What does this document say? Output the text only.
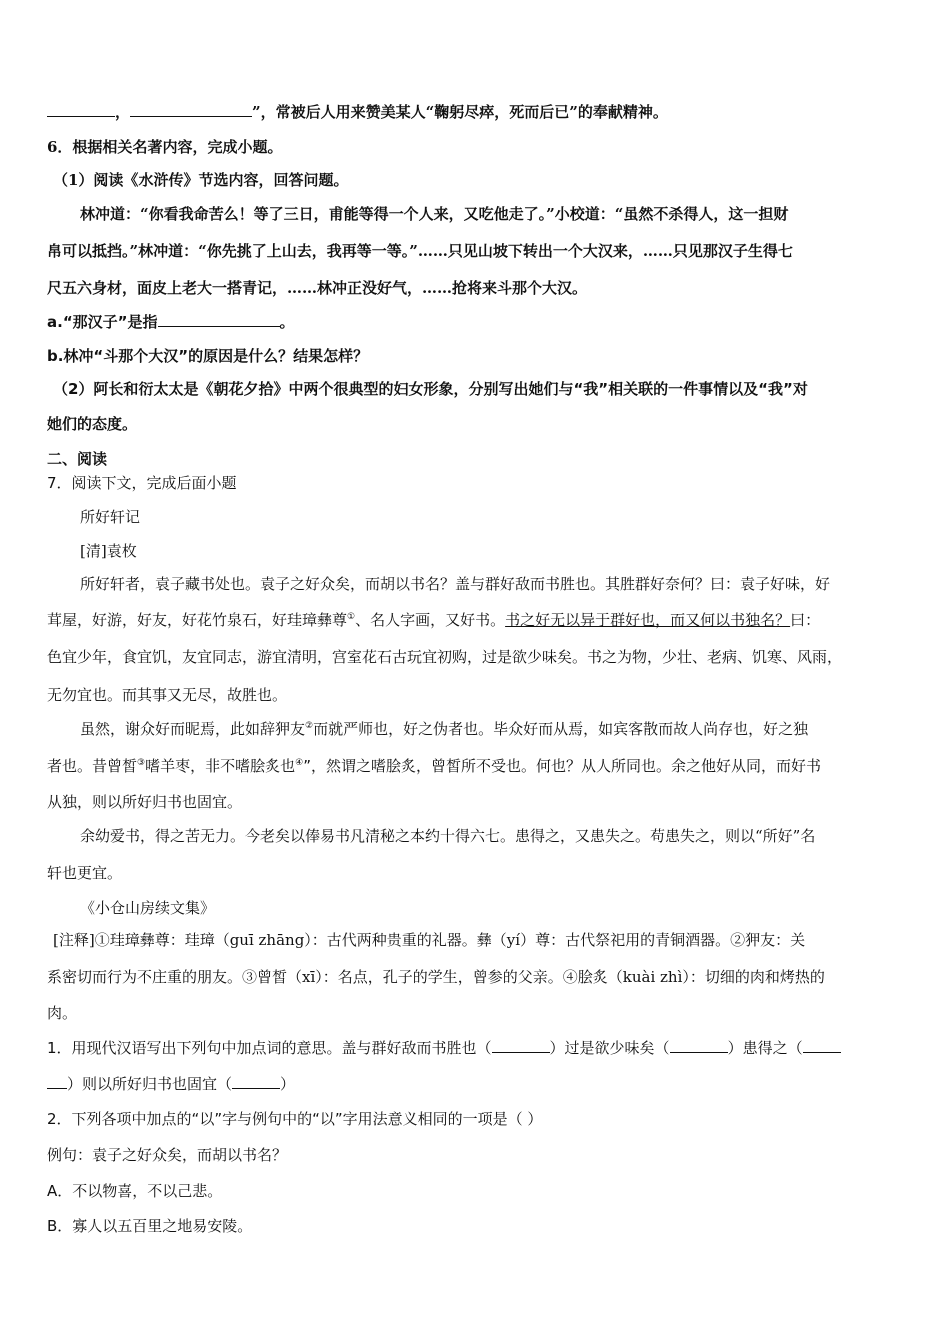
，	”，常被后人用来赞美某人“鞠躬尽瘁，死而后已”的奉献精神。
6．根据相关名著内容，完成小题。
（1）阅读《水浒传》节选内容，回答问题。
林冲道：“你看我命苦么！等了三日，甫能等得一个人来，又吃他走了。”小校道：“虽然不杀得人，这一担财
帛可以抵挡。”林冲道：“你先挑了上山去，我再等一等。”……只见山坡下转出一个大汉来，……只见那汉子生得七
尺五六身材，面皮上老大一搭青记，……林冲正没好气，……抢将来斗那个大汉。
a.“那汉子”是指	。
b.林冲“斗那个大汉”的原因是什么？结果怎样？
（2）阿长和衍太太是《朝花夕拾》中两个很典型的妇女形象，分别写出她们与“我”相关联的一件事情以及“我”对
她们的态度。
二、阅读
7．阅读下文，完成后面小题
所好轩记
[清]袁枚
所好轩者，袁子藏书处也。袁子之好众矣，而胡以书名？盖与群好敌而书胜也。其胜群好奈何？曰：袁子好味，好
茸屋，好游，好友，好花竹泉石，好珪璋彝尊①、名人字画，又好书。书之好无以异于群好也，而又何以书独名？曰：
色宜少年，食宜饥，友宜同志，游宜清明，宫室花石古玩宜初购，过是欲少味矣。书之为物，少壮、老病、饥寒、风雨，
无勿宜也。而其事又无尽，故胜也。
虽然，谢众好而昵焉，此如辞狎友②而就严师也，好之伪者也。毕众好而从焉，如宾客散而故人尚存也，好之独
者也。昔曾皙③嗜羊枣，非不嗜脍炙也④”，然谓之嗜脍炙，曾皙所不受也。何也？从人所同也。余之他好从同，而好书
从独，则以所好归书也固宜。
余幼爱书，得之苦无力。今老矣以俸易书凡清秘之本约十得六七。患得之，又患失之。苟患失之，则以“所好”名
轩也更宜。
《小仓山房续文集》
[注释]①珪璋彝尊：珪璋（guī zhāng）：古代两种贵重的礼器。彝（yí）尊：古代祭祀用的青铜酒器。②狎友：关
系密切而行为不庄重的朋友。③曾皙（xī）：名点，孔子的学生，曾参的父亲。④脍炙（kuài zhì）：切细的肉和烤热的
肉。
1．用现代汉语写出下列句中加点词的意思。盖与群好敌而书胜也（	）过是欲少味矣（	）患得之（
）则以所好归书也固宜（	）
2．下列各项中加点的“以”字与例句中的“以”字用法意义相同的一项是（ ）
例句：袁子之好众矣，而胡以书名？
A．不以物喜，不以己悲。
B．寡人以五百里之地易安陵。
